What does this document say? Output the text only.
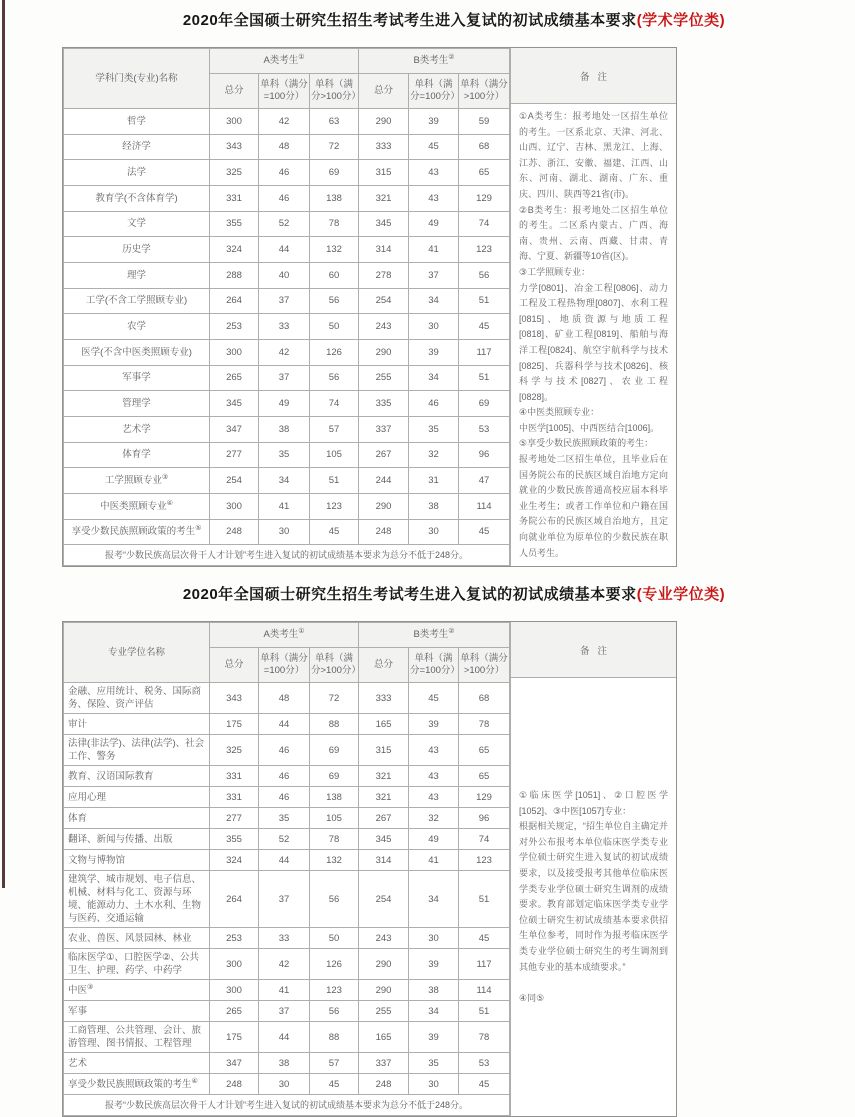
2020年全国硕士研究生招生考试考生进入复试的初试成绩基本要求(学术学位类)
学科门类(专业)名称	A类考生①			B类考生②
	总分	单科（满分=100分）	单科（满分>100分）	总分	单科（满分=100分）	单科（满分>100分）
哲学	300	42	63	290	39	59
经济学	343	48	72	333	45	68
法学	325	46	69	315	43	65
教育学(不含体育学)	331	46	138	321	43	129
文学	355	52	78	345	49	74
历史学	324	44	132	314	41	123
理学	288	40	60	278	37	56
工学(不含工学照顾专业)	264	37	56	254	34	51
农学	253	33	50	243	30	45
医学(不含中医类照顾专业)	300	42	126	290	39	117
军事学	265	37	56	255	34	51
管理学	345	49	74	335	46	69
艺术学	347	38	57	337	35	53
体育学	277	35	105	267	32	96
工学照顾专业③	254	34	51	244	31	47
中医类照顾专业④	300	41	123	290	38	114
享受少数民族照顾政策的考生⑤	248	30	45	248	30	45
报考“少数民族高层次骨干人才计划”考生进入复试的初试成绩基本要求为总分不低于248分。						
备注
①A类考生：报考地处一区招生单位的考生。一区系北京、天津、河北、山西、辽宁、吉林、黑龙江、上海、江苏、浙江、安徽、福建、江西、山东、河南、湖北、湖南、广东、重庆、四川、陕西等21省(市)。
②B类考生：报考地处二区招生单位的考生。二区系内蒙古、广西、海南、贵州、云南、西藏、甘肃、青海、宁夏、新疆等10省(区)。
③工学照顾专业：
力学[0801]、冶金工程[0806]、动力工程及工程热物理[0807]、水利工程[0815]、地质资源与地质工程[0818]、矿业工程[0819]、船舶与海洋工程[0824]、航空宇航科学与技术[0825]、兵器科学与技术[0826]、核科学与技术[0827]、农业工程[0828]。
④中医类照顾专业：
中医学[1005]、中西医结合[1006]。
⑤享受少数民族照顾政策的考生：
报考地处二区招生单位，且毕业后在国务院公布的民族区域自治地方定向就业的少数民族普通高校应届本科毕业生考生；或者工作单位和户籍在国务院公布的民族区域自治地方，且定向就业单位为原单位的少数民族在职人员考生。
2020年全国硕士研究生招生考试考生进入复试的初试成绩基本要求(专业学位类)
专业学位名称	A类考生①			B类考生②
	总分	单科（满分=100分）	单科（满分>100分）	总分	单科（满分=100分）	单科（满分>100分）
金融、应用统计、税务、国际商务、保险、资产评估	343	48	72	333	45	68
审计	175	44	88	165	39	78
法律(非法学)、法律(法学)、社会工作、警务	325	46	69	315	43	65
教育、汉语国际教育	331	46	69	321	43	65
应用心理	331	46	138	321	43	129
体育	277	35	105	267	32	96
翻译、新闻与传播、出版	355	52	78	345	49	74
文物与博物馆	324	44	132	314	41	123
建筑学、城市规划、电子信息、机械、材料与化工、资源与环境、能源动力、土木水利、生物与医药、交通运输	264	37	56	254	34	51
农业、兽医、风景园林、林业	253	33	50	243	30	45
临床医学①、口腔医学②、公共卫生、护理、药学、中药学	300	42	126	290	39	117
中医③	300	41	123	290	38	114
军事	265	37	56	255	34	51
工商管理、公共管理、会计、旅游管理、图书情报、工程管理	175	44	88	165	39	78
艺术	347	38	57	337	35	53
享受少数民族照顾政策的考生④	248	30	45	248	30	45
报考“少数民族高层次骨干人才计划”考生进入复试的初试成绩基本要求为总分不低于248分。						
备注
①临床医学[1051]、②口腔医学[1052]、③中医[1057]专业：
根据相关规定，“招生单位自主确定并对外公布报考本单位临床医学类专业学位硕士研究生进入复试的初试成绩要求，以及接受报考其他单位临床医学类专业学位硕士研究生调剂的成绩要求。教育部划定临床医学类专业学位硕士研究生初试成绩基本要求供招生单位参考，同时作为报考临床医学类专业学位硕士研究生的考生调剂到其他专业的基本成绩要求。”
④同⑤
